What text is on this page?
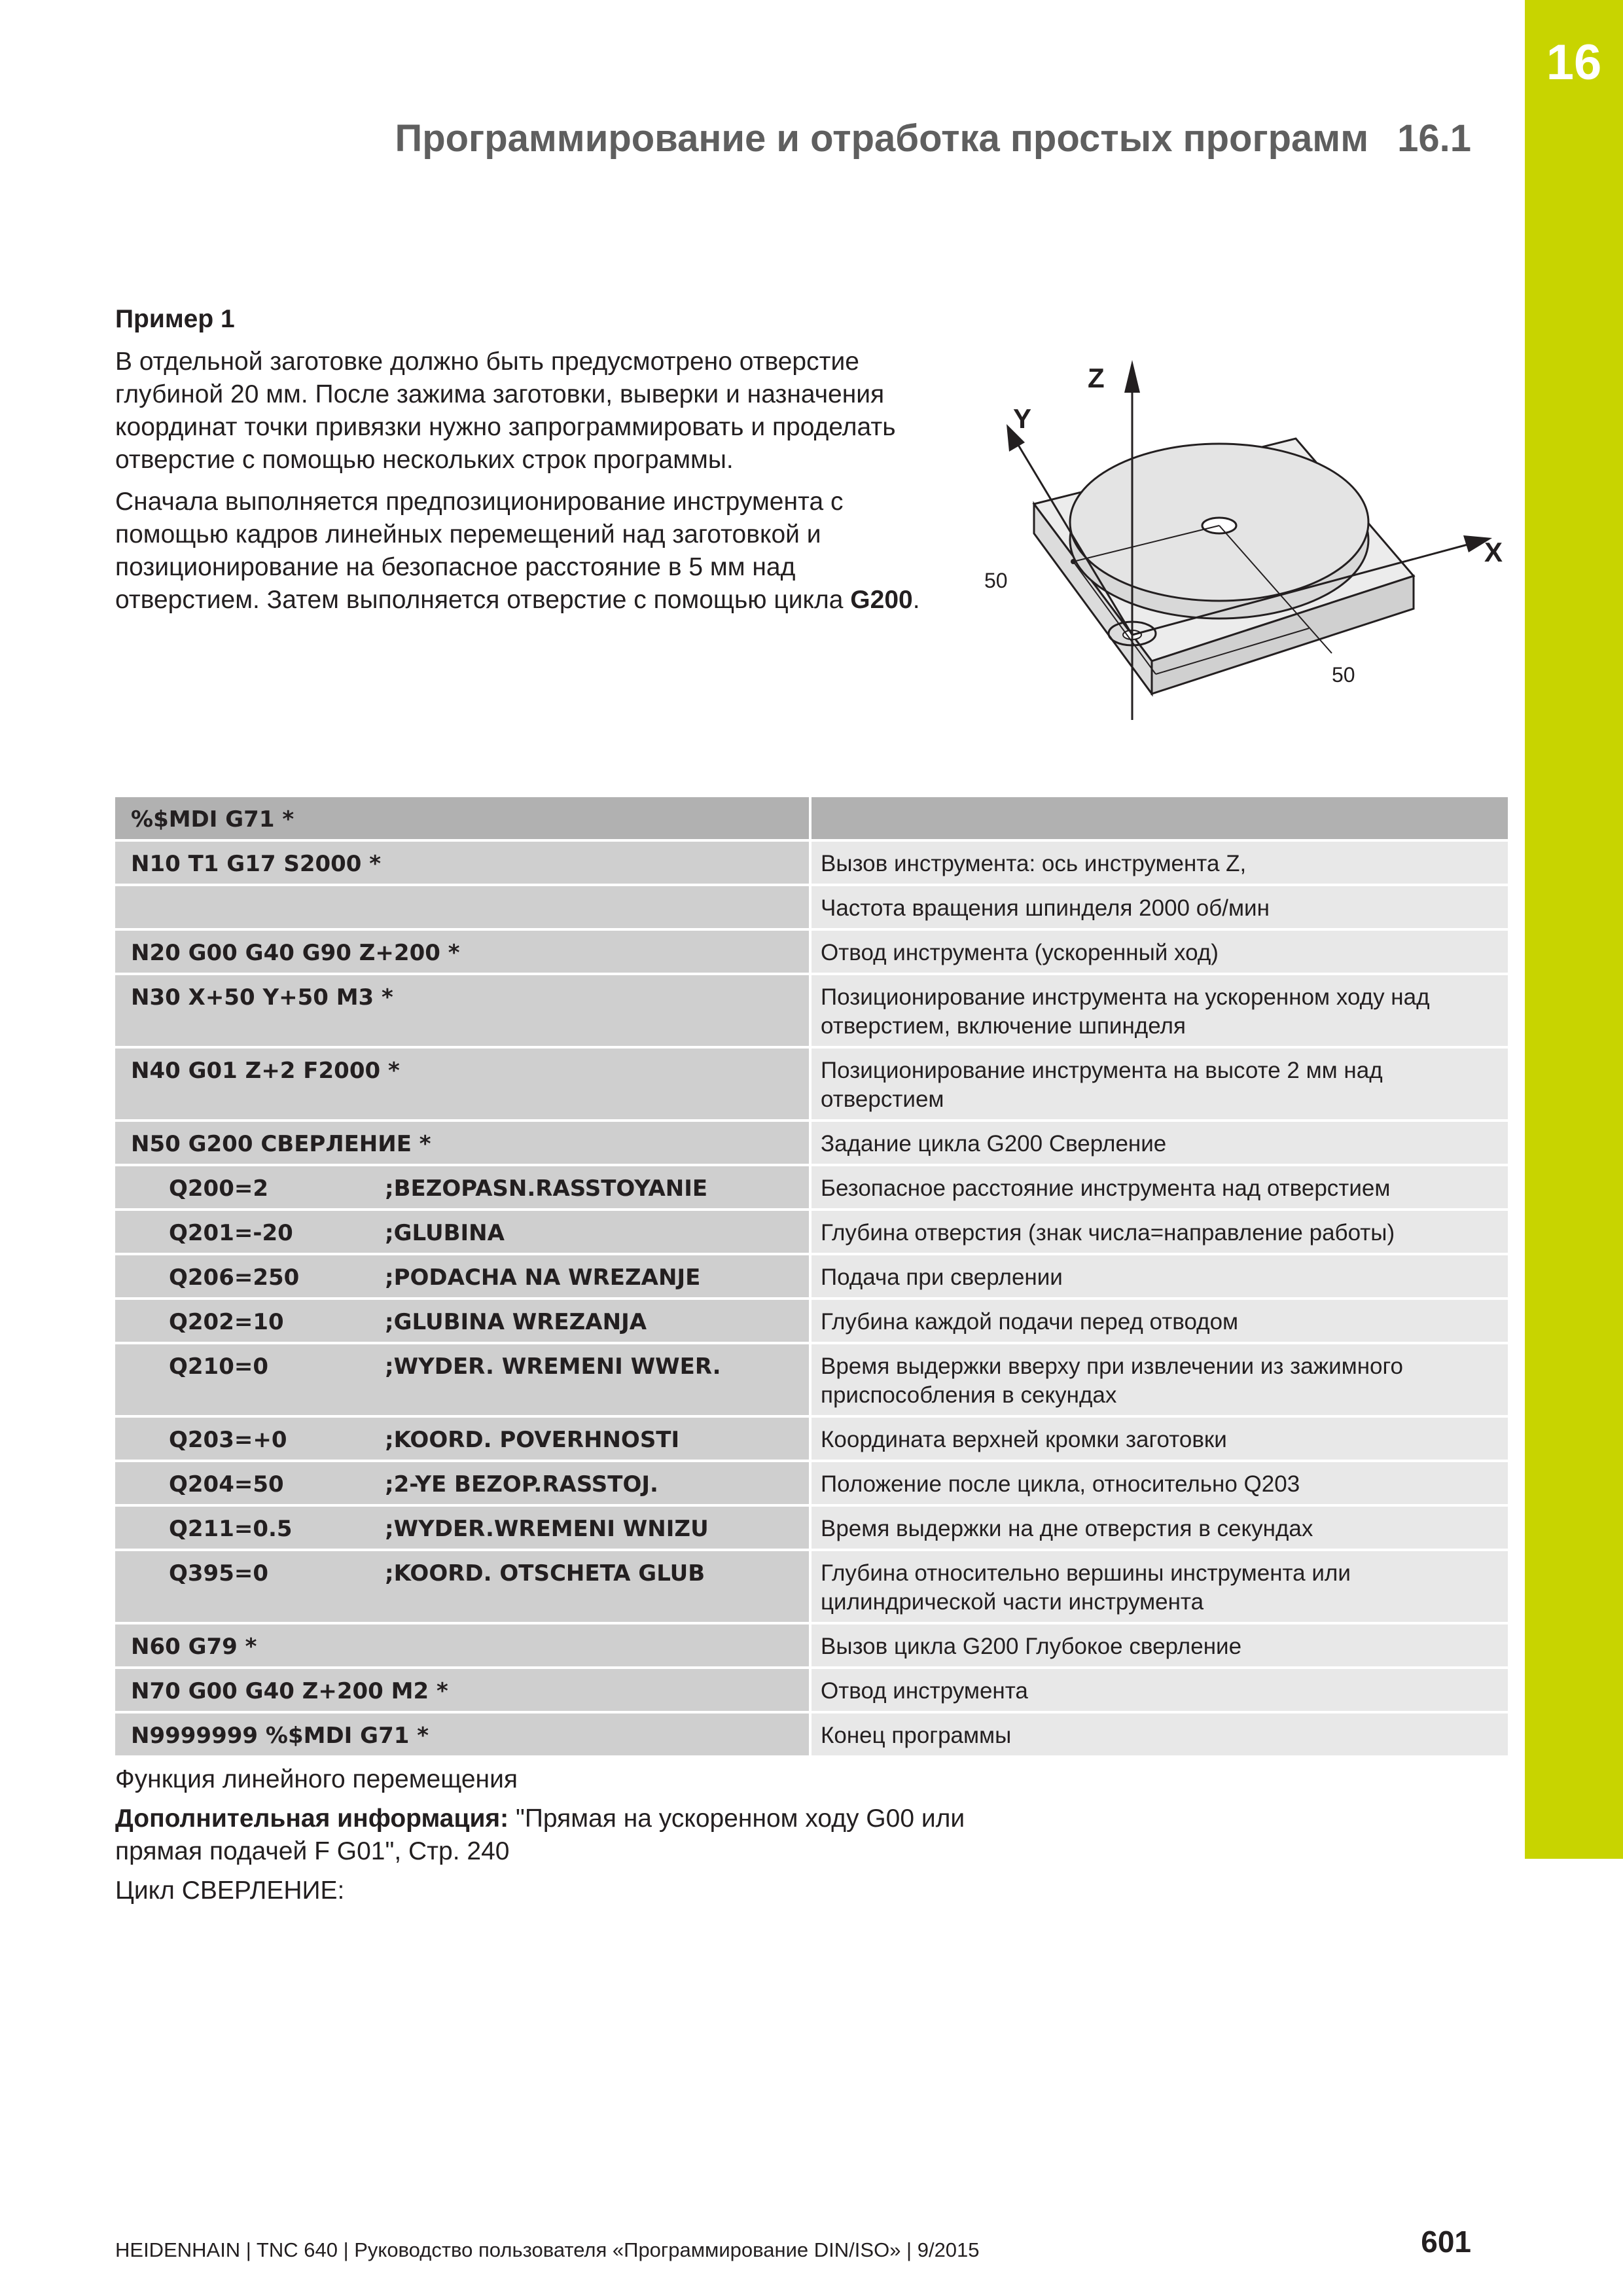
16
Программирование и отработка простых программ 16.1
Пример 1

В отдельной заготовке должно быть предусмотрено отверстие глубиной 20 мм. После зажима заготовки, выверки и назначения координат точки привязки нужно запрограммировать и проделать отверстие с помощью нескольких строк программы.

Сначала выполняется предпозиционирование инструмента с помощью кадров линейных перемещений над заготовкой и позиционирование на безопасное расстояние в 5 мм над отверстием. Затем выполняется отверстие с помощью цикла G200.

Z
Y
X
50
50
%$MDI G71 *	
N10 T1 G17 S2000 *	Вызов инструмента: ось инструмента Z,
	Частота вращения шпинделя 2000 об/мин
N20 G00 G40 G90 Z+200 *	Отвод инструмента (ускоренный ход)
N30 X+50 Y+50 M3 *	Позиционирование инструмента на ускоренном ходу над отверстием, включение шпинделя
N40 G01 Z+2 F2000 *	Позиционирование инструмента на высоте 2 мм над отверстием
N50 G200 СВЕРЛЕНИЕ *	Задание цикла G200 Сверление
Q200=2 ;BEZOPASN.RASSTOYANIE	Безопасное расстояние инструмента над отверстием
Q201=-20 ;GLUBINA	Глубина отверстия (знак числа=направление работы)
Q206=250 ;PODACHA NA WREZANJE	Подача при сверлении
Q202=10 ;GLUBINA WREZANJA	Глубина каждой подачи перед отводом
Q210=0 ;WYDER. WREMENI WWER.	Время выдержки вверху при извлечении из зажимного приспособления в секундах
Q203=+0 ;KOORD. POVERHNOSTI	Координата верхней кромки заготовки
Q204=50 ;2-YE BEZOP.RASSTOJ.	Положение после цикла, относительно Q203
Q211=0.5 ;WYDER.WREMENI WNIZU	Время выдержки на дне отверстия в секундах
Q395=0 ;KOORD. OTSCHETA GLUB	Глубина относительно вершины инструмента или цилиндрической части инструмента
N60 G79 *	Вызов цикла G200 Глубокое сверление
N70 G00 G40 Z+200 M2 *	Отвод инструмента
N9999999 %$MDI G71 *	Конец программы

Функция линейного перемещения

Дополнительная информация: "Прямая на ускоренном ходу G00 или прямая подачей F G01", Стр. 240

Цикл СВЕРЛЕНИЕ:

HEIDENHAIN | TNC 640 | Руководство пользователя «Программирование DIN/ISO» | 9/2015	601
